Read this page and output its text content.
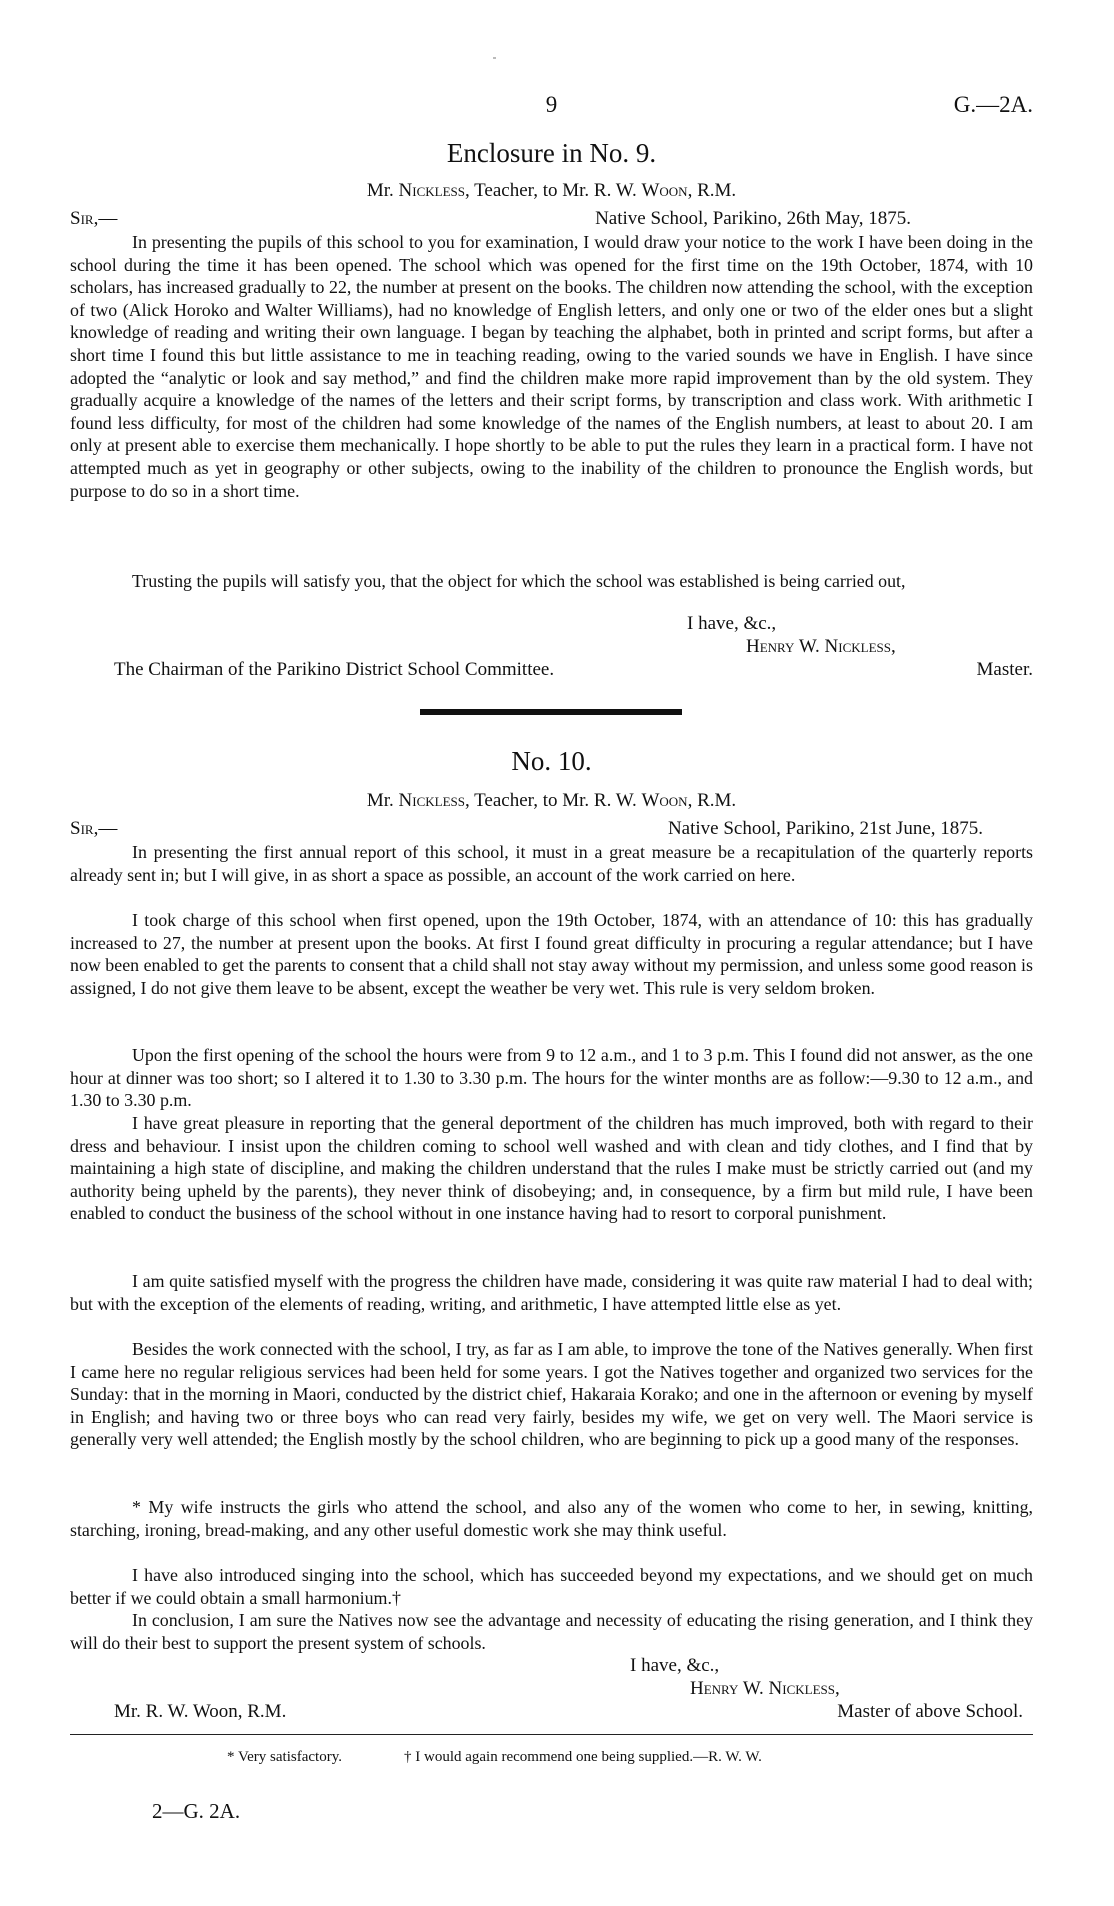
9	G.—2A.
Enclosure in No. 9.
Mr. Nickless, Teacher, to Mr. R. W. Woon, R.M.
Sir,—	Native School, Parikino, 26th May, 1875.

In presenting the pupils of this school to you for examination, I would draw your notice to the work I have been doing in the school during the time it has been opened. The school which was opened for the first time on the 19th October, 1874, with 10 scholars, has increased gradually to 22, the number at present on the books. The children now attending the school, with the exception of two (Alick Horoko and Walter Williams), had no knowledge of English letters, and only one or two of the elder ones but a slight knowledge of reading and writing their own language. I began by teaching the alphabet, both in printed and script forms, but after a short time I found this but little assistance to me in teaching reading, owing to the varied sounds we have in English. I have since adopted the “analytic or look and say method,” and find the children make more rapid improvement than by the old system. They gradually acquire a knowledge of the names of the letters and their script forms, by transcription and class work. With arithmetic I found less difficulty, for most of the children had some knowledge of the names of the English numbers, at least to about 20. I am only at present able to exercise them mechanically. I hope shortly to be able to put the rules they learn in a practical form. I have not attempted much as yet in geography or other subjects, owing to the inability of the children to pronounce the English words, but purpose to do so in a short time.

Trusting the pupils will satisfy you, that the object for which the school was established is being carried out,

I have, &c.,
Henry W. Nickless,
The Chairman of the Parikino District School Committee.	Master.
No. 10.
Mr. Nickless, Teacher, to Mr. R. W. Woon, R.M.
Sir,—	Native School, Parikino, 21st June, 1875.

In presenting the first annual report of this school, it must in a great measure be a recapitulation of the quarterly reports already sent in; but I will give, in as short a space as possible, an account of the work carried on here.

I took charge of this school when first opened, upon the 19th October, 1874, with an attendance of 10: this has gradually increased to 27, the number at present upon the books. At first I found great difficulty in procuring a regular attendance; but I have now been enabled to get the parents to consent that a child shall not stay away without my permission, and unless some good reason is assigned, I do not give them leave to be absent, except the weather be very wet. This rule is very seldom broken.

Upon the first opening of the school the hours were from 9 to 12 a.m., and 1 to 3 p.m. This I found did not answer, as the one hour at dinner was too short; so I altered it to 1.30 to 3.30 p.m. The hours for the winter months are as follow:—9.30 to 12 a.m., and 1.30 to 3.30 p.m.

I have great pleasure in reporting that the general deportment of the children has much improved, both with regard to their dress and behaviour. I insist upon the children coming to school well washed and with clean and tidy clothes, and I find that by maintaining a high state of discipline, and making the children understand that the rules I make must be strictly carried out (and my authority being upheld by the parents), they never think of disobeying; and, in consequence, by a firm but mild rule, I have been enabled to conduct the business of the school without in one instance having had to resort to corporal punishment.

I am quite satisfied myself with the progress the children have made, considering it was quite raw material I had to deal with; but with the exception of the elements of reading, writing, and arithmetic, I have attempted little else as yet.

Besides the work connected with the school, I try, as far as I am able, to improve the tone of the Natives generally. When first I came here no regular religious services had been held for some years. I got the Natives together and organized two services for the Sunday: that in the morning in Maori, conducted by the district chief, Hakaraia Korako; and one in the afternoon or evening by myself in English; and having two or three boys who can read very fairly, besides my wife, we get on very well. The Maori service is generally very well attended; the English mostly by the school children, who are beginning to pick up a good many of the responses.

* My wife instructs the girls who attend the school, and also any of the women who come to her, in sewing, knitting, starching, ironing, bread-making, and any other useful domestic work she may think useful.

I have also introduced singing into the school, which has succeeded beyond my expectations, and we should get on much better if we could obtain a small harmonium.†

In conclusion, I am sure the Natives now see the advantage and necessity of educating the rising generation, and I think they will do their best to support the present system of schools.

I have, &c.,
Henry W. Nickless,
Mr. R. W. Woon, R.M.	Master of above School.
* Very satisfactory.	† I would again recommend one being supplied.—R. W. W.
2—G. 2A.
